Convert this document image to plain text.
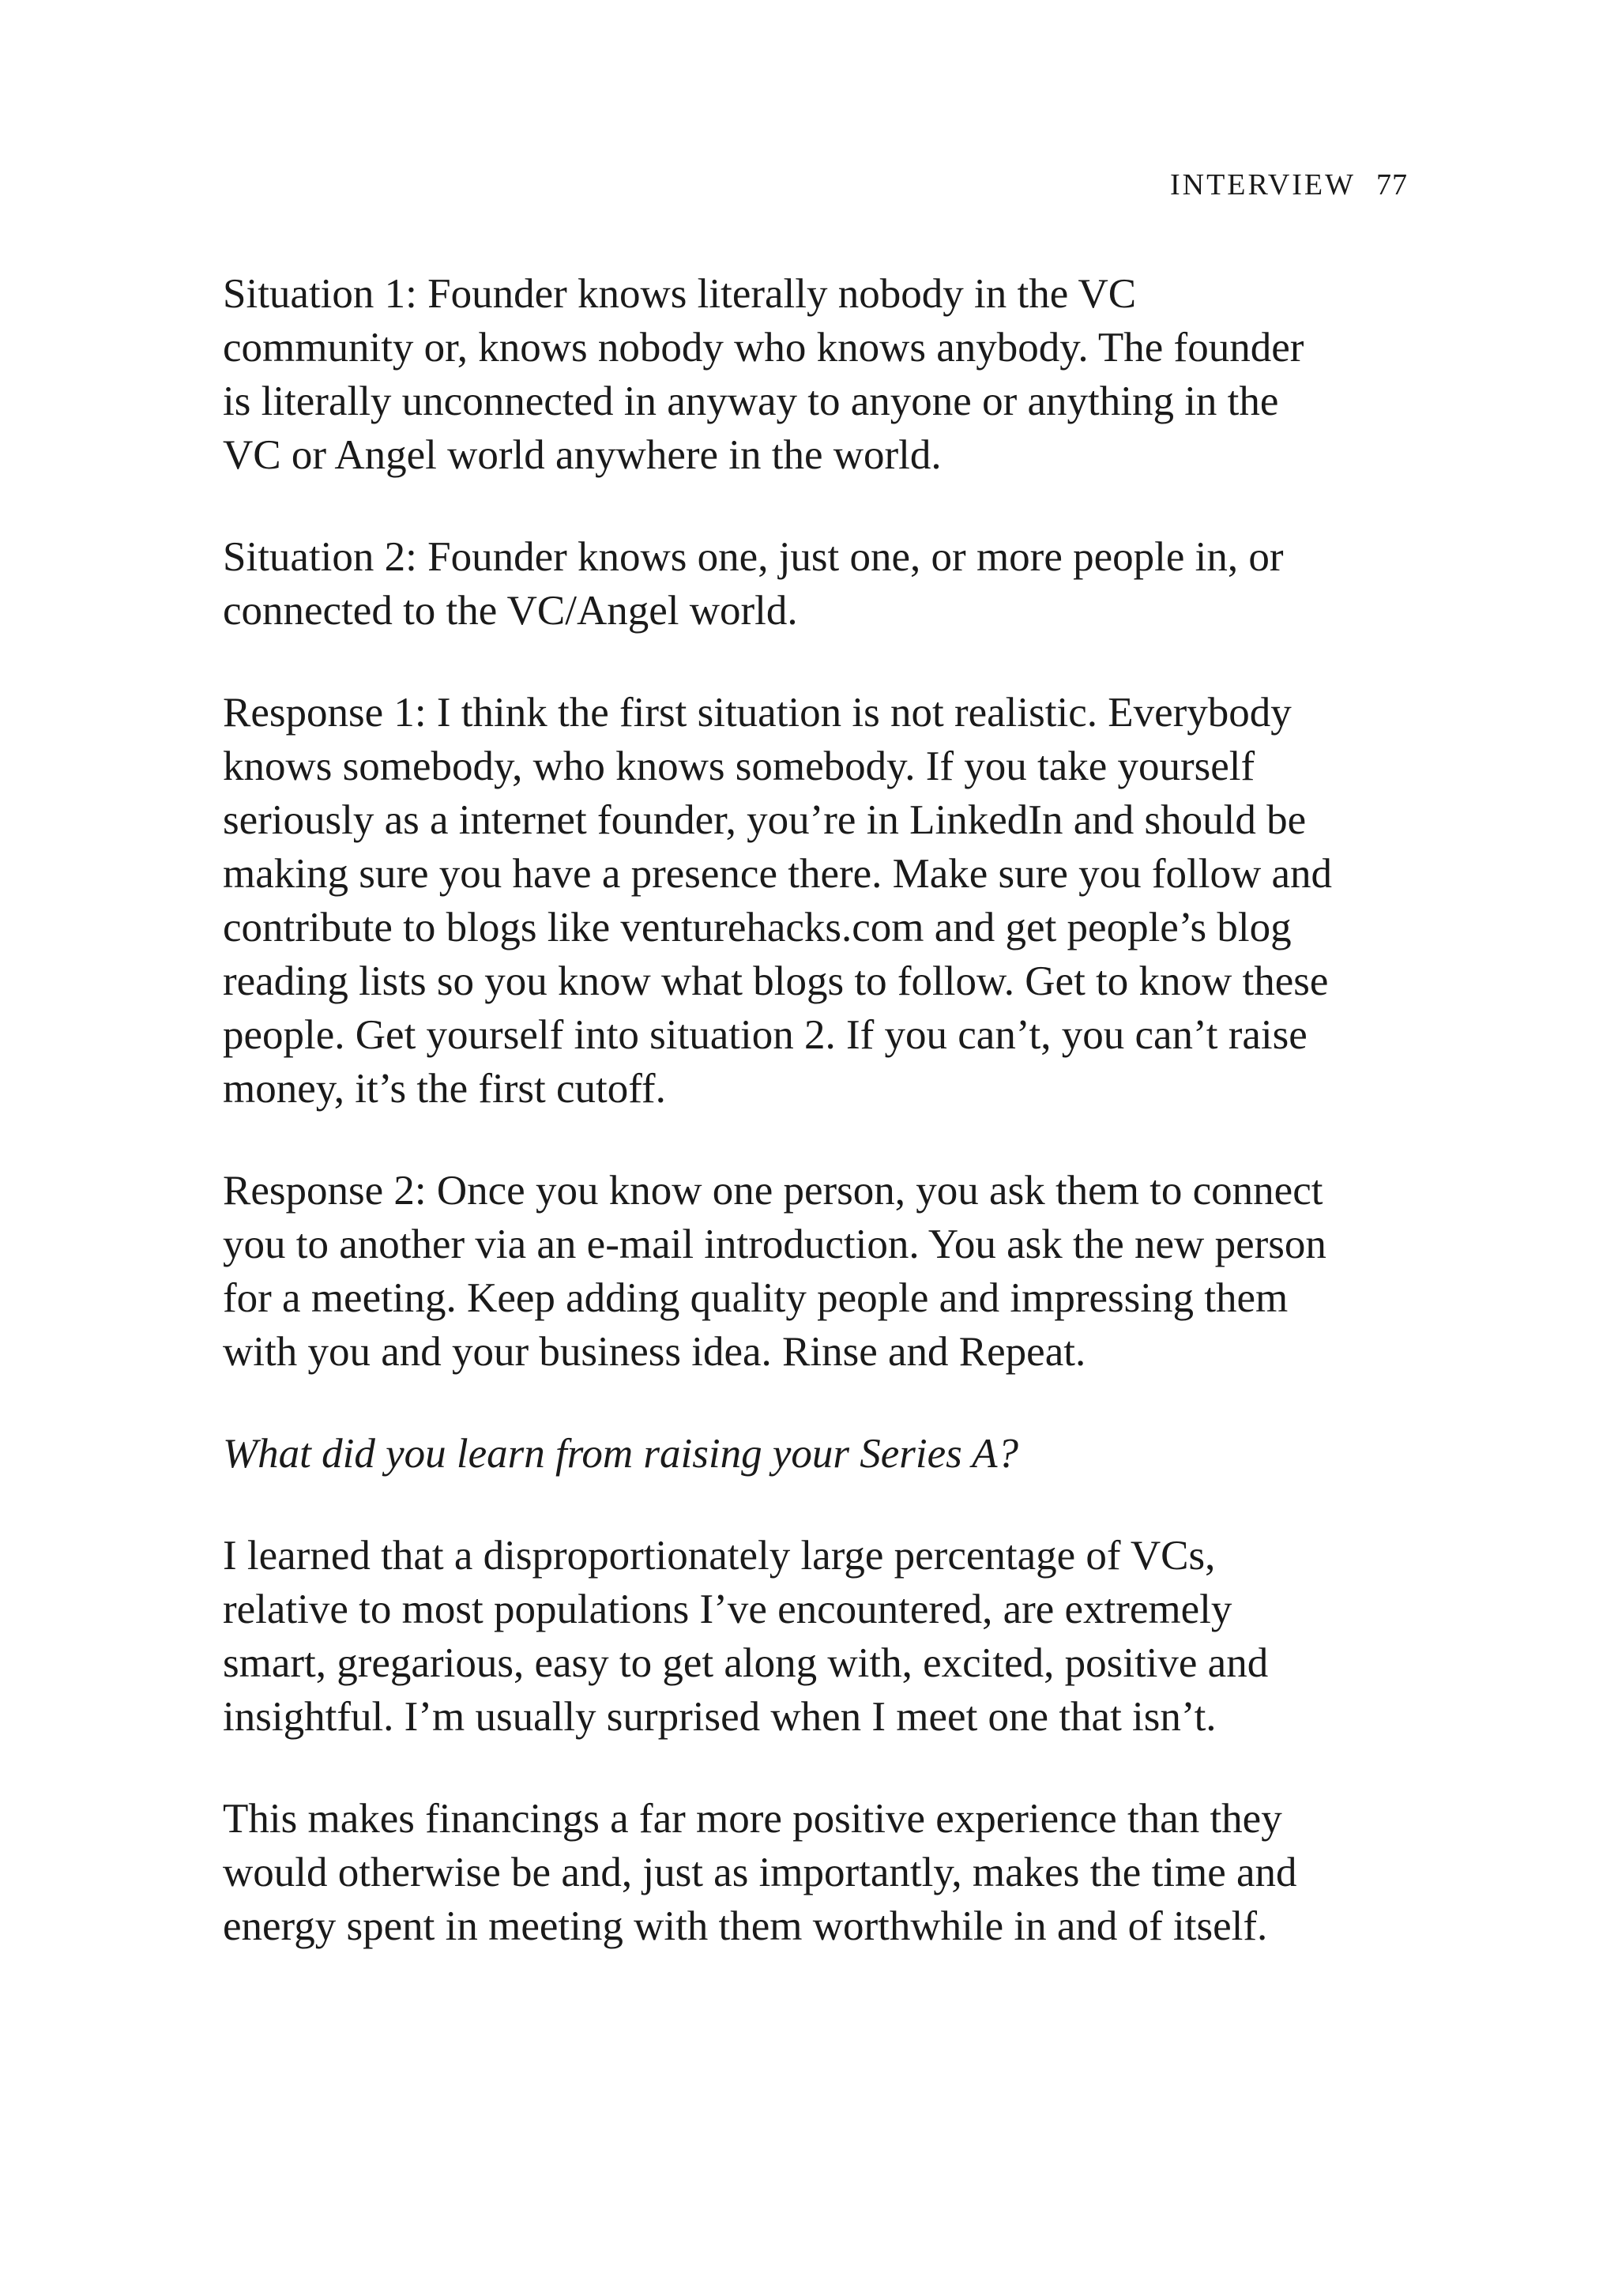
INTERVIEW 77

Situation 1: Founder knows literally nobody in the VC
community or, knows nobody who knows anybody. The founder
is literally unconnected in anyway to anyone or anything in the
VC or Angel world anywhere in the world.

Situation 2: Founder knows one, just one, or more people in, or
connected to the VC/Angel world.

Response 1: I think the first situation is not realistic. Everybody
knows somebody, who knows somebody. If you take yourself
seriously as a internet founder, you’re in LinkedIn and should be
making sure you have a presence there. Make sure you follow and
contribute to blogs like venturehacks.com and get people’s blog
reading lists so you know what blogs to follow. Get to know these
people. Get yourself into situation 2. If you can’t, you can’t raise
money, it’s the first cutoff.

Response 2: Once you know one person, you ask them to connect
you to another via an e-mail introduction. You ask the new person
for a meeting. Keep adding quality people and impressing them
with you and your business idea. Rinse and Repeat.

What did you learn from raising your Series A?

I learned that a disproportionately large percentage of VCs,
relative to most populations I’ve encountered, are extremely
smart, gregarious, easy to get along with, excited, positive and
insightful. I’m usually surprised when I meet one that isn’t.

This makes financings a far more positive experience than they
would otherwise be and, just as importantly, makes the time and
energy spent in meeting with them worthwhile in and of itself.
